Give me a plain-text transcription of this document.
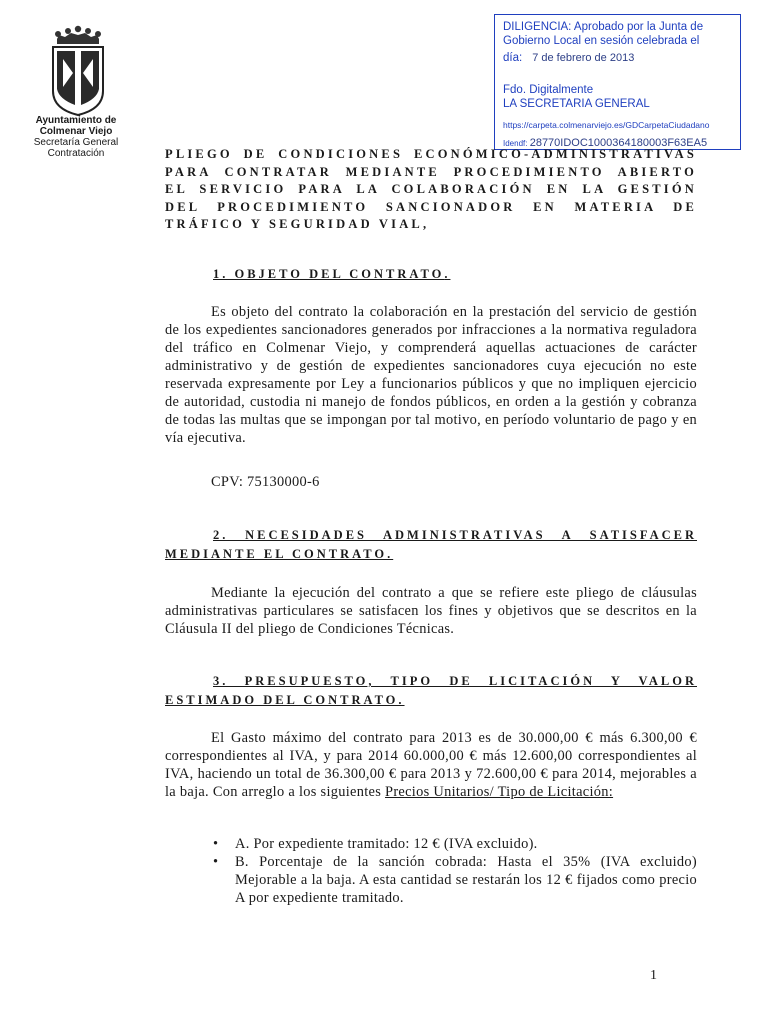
Ayuntamiento de
Colmenar Viejo
Secretaría General
Contratación
DILIGENCIA: Aprobado por la Junta de
Gobierno Local en sesión celebrada el
día: 7 de febrero de 2013
Fdo. Digitalmente
LA SECRETARIA GENERAL
https://carpeta.colmenarviejo.es/GDCarpetaCiudadano
Idendf: 28770IDOC1000364180003F63EA5
PLIEGO DE CONDICIONES ECONÓMICO-ADMINISTRATIVAS
PARA CONTRATAR MEDIANTE PROCEDIMIENTO ABIERTO
EL SERVICIO PARA LA COLABORACIÓN EN LA GESTIÓN
DEL PROCEDIMIENTO SANCIONADOR EN MATERIA DE
TRÁFICO Y SEGURIDAD VIAL,
1. OBJETO DEL CONTRATO.
Es objeto del contrato la colaboración en la prestación del servicio de gestión de los expedientes sancionadores generados por infracciones a la normativa reguladora del tráfico en Colmenar Viejo, y comprenderá aquellas actuaciones de carácter administrativo y de gestión de expedientes sancionadores cuya ejecución no este reservada expresamente por Ley a funcionarios públicos y que no impliquen ejercicio de autoridad, custodia ni manejo de fondos públicos, en orden a la gestión y cobranza de todas las multas que se impongan por tal motivo, en período voluntario de pago y en vía ejecutiva.
CPV: 75130000-6
2. NECESIDADES ADMINISTRATIVAS A SATISFACER
MEDIANTE EL CONTRATO.
Mediante la ejecución del contrato a que se refiere este pliego de cláusulas administrativas particulares se satisfacen los fines y objetivos que se descritos en la Cláusula II del pliego de Condiciones Técnicas.
3. PRESUPUESTO, TIPO DE LICITACIÓN Y VALOR
ESTIMADO DEL CONTRATO.
El Gasto máximo del contrato para 2013 es de 30.000,00 € más 6.300,00 € correspondientes al IVA, y para 2014 60.000,00 € más 12.600,00 correspondientes al IVA, haciendo un total de 36.300,00 € para 2013 y 72.600,00 € para 2014, mejorables a la baja. Con arreglo a los siguientes Precios Unitarios/ Tipo de Licitación:
• A. Por expediente tramitado: 12 € (IVA excluido).
• B. Porcentaje de la sanción cobrada: Hasta el 35% (IVA excluido) Mejorable a la baja. A esta cantidad se restarán los 12 € fijados como precio A por expediente tramitado.
1
